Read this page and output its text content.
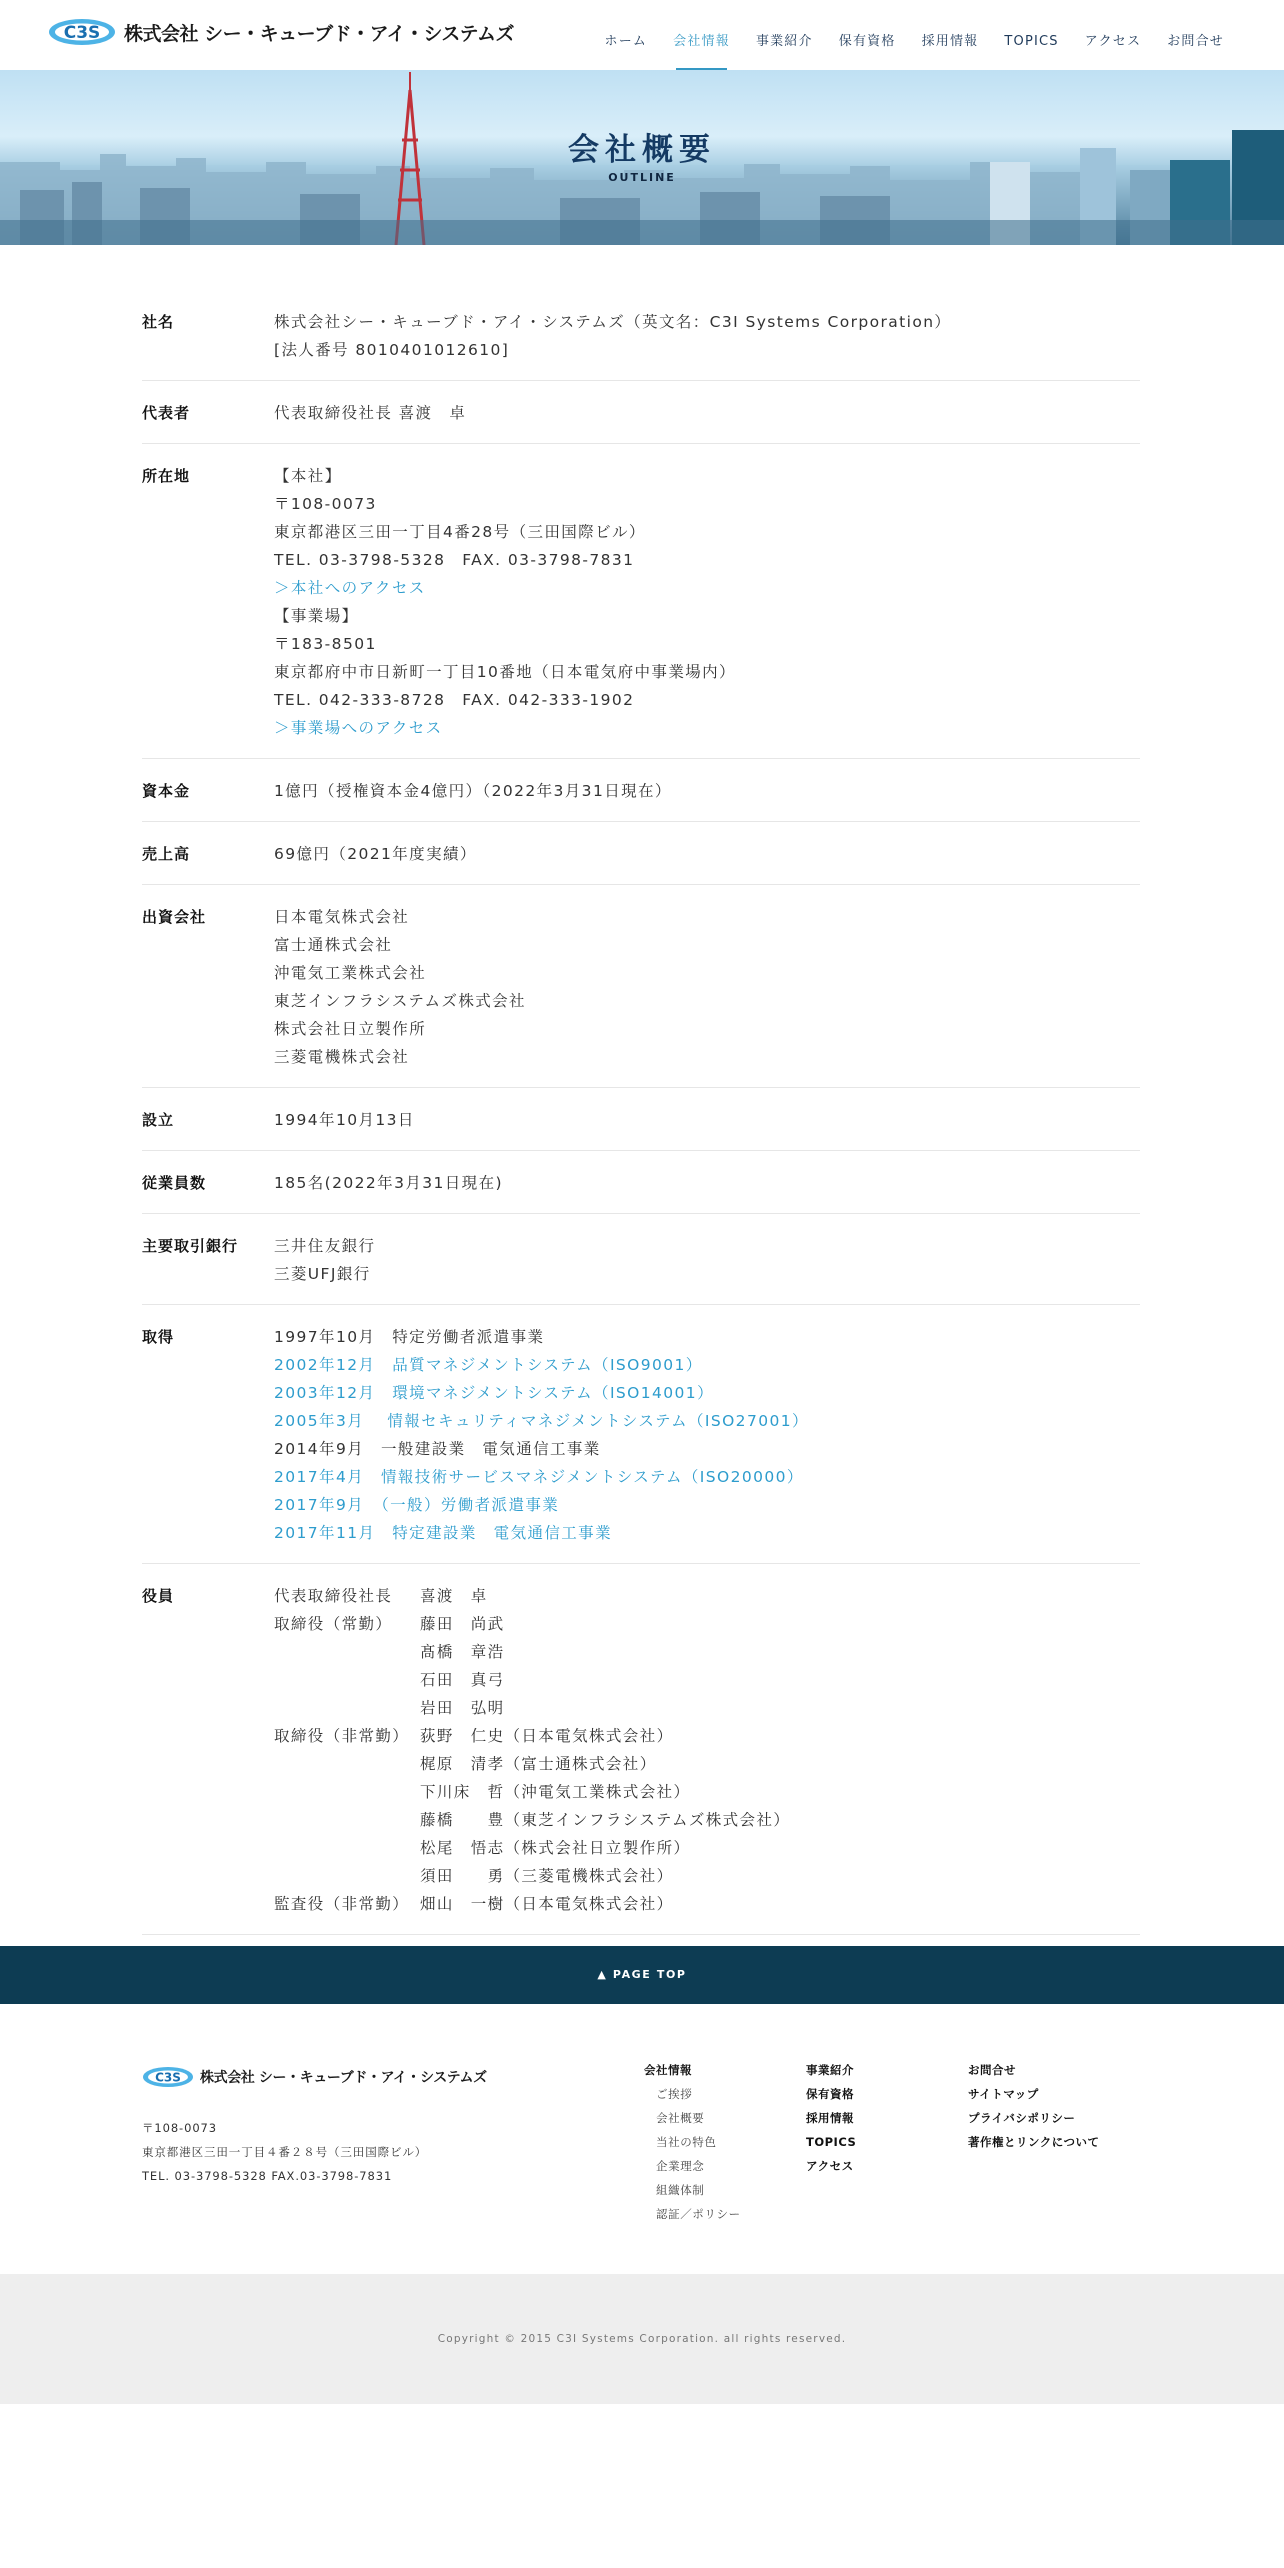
C3S 株式会社 シー・キューブド・アイ・システムズ	ホーム 会社情報 事業紹介 保有資格 採用情報 TOPICS アクセス お問合せ
会社概要
OUTLINE
社名	株式会社シー・キューブド・アイ・システムズ（英文名：C3I Systems Corporation）
[法人番号 8010401012610]
代表者	代表取締役社長 喜渡　卓
所在地	【本社】
〒108-0073
東京都港区三田一丁目4番28号（三田国際ビル）
TEL. 03-3798-5328　FAX. 03-3798-7831
＞本社へのアクセス
【事業場】
〒183-8501
東京都府中市日新町一丁目10番地（日本電気府中事業場内）
TEL. 042-333-8728　FAX. 042-333-1902
＞事業場へのアクセス
資本金	1億円（授権資本金4億円）（2022年3月31日現在）
売上高	69億円（2021年度実績）
出資会社	日本電気株式会社
富士通株式会社
沖電気工業株式会社
東芝インフラシステムズ株式会社
株式会社日立製作所
三菱電機株式会社
設立	1994年10月13日
従業員数	185名(2022年3月31日現在)
主要取引銀行	三井住友銀行
三菱UFJ銀行
取得	1997年10月　特定労働者派遣事業
2002年12月　品質マネジメントシステム（ISO9001）
2003年12月　環境マネジメントシステム（ISO14001）
2005年3月　 情報セキュリティマネジメントシステム（ISO27001）
2014年9月　一般建設業　電気通信工事業
2017年4月　情報技術サービスマネジメントシステム（ISO20000）
2017年9月　（一般）労働者派遣事業
2017年11月　特定建設業　電気通信工事業
役員	代表取締役社長	喜渡　卓
取締役（常勤）	藤田　尚武
髙橋　章浩
石田　真弓
岩田　弘明
取締役（非常勤） 荻野　仁史（日本電気株式会社）
梶原　清孝（富士通株式会社）
下川床　哲（沖電気工業株式会社）
藤橋　　豊（東芝インフラシステムズ株式会社）
松尾　悟志（株式会社日立製作所）
須田　　勇（三菱電機株式会社）
監査役（非常勤） 畑山　一樹（日本電気株式会社）
▲ PAGE TOP
C3S 株式会社 シー・キューブド・アイ・システムズ
〒108-0073
東京都港区三田一丁目４番２８号（三田国際ビル）
TEL. 03-3798-5328 FAX.03-3798-7831
会社情報
ご挨拶
会社概要
当社の特色
企業理念
組織体制
認証／ポリシー
事業紹介
保有資格
採用情報
TOPICS
アクセス
お問合せ
サイトマップ
プライバシポリシー
著作権とリンクについて
Copyright © 2015 C3I Systems Corporation. all rights reserved.
